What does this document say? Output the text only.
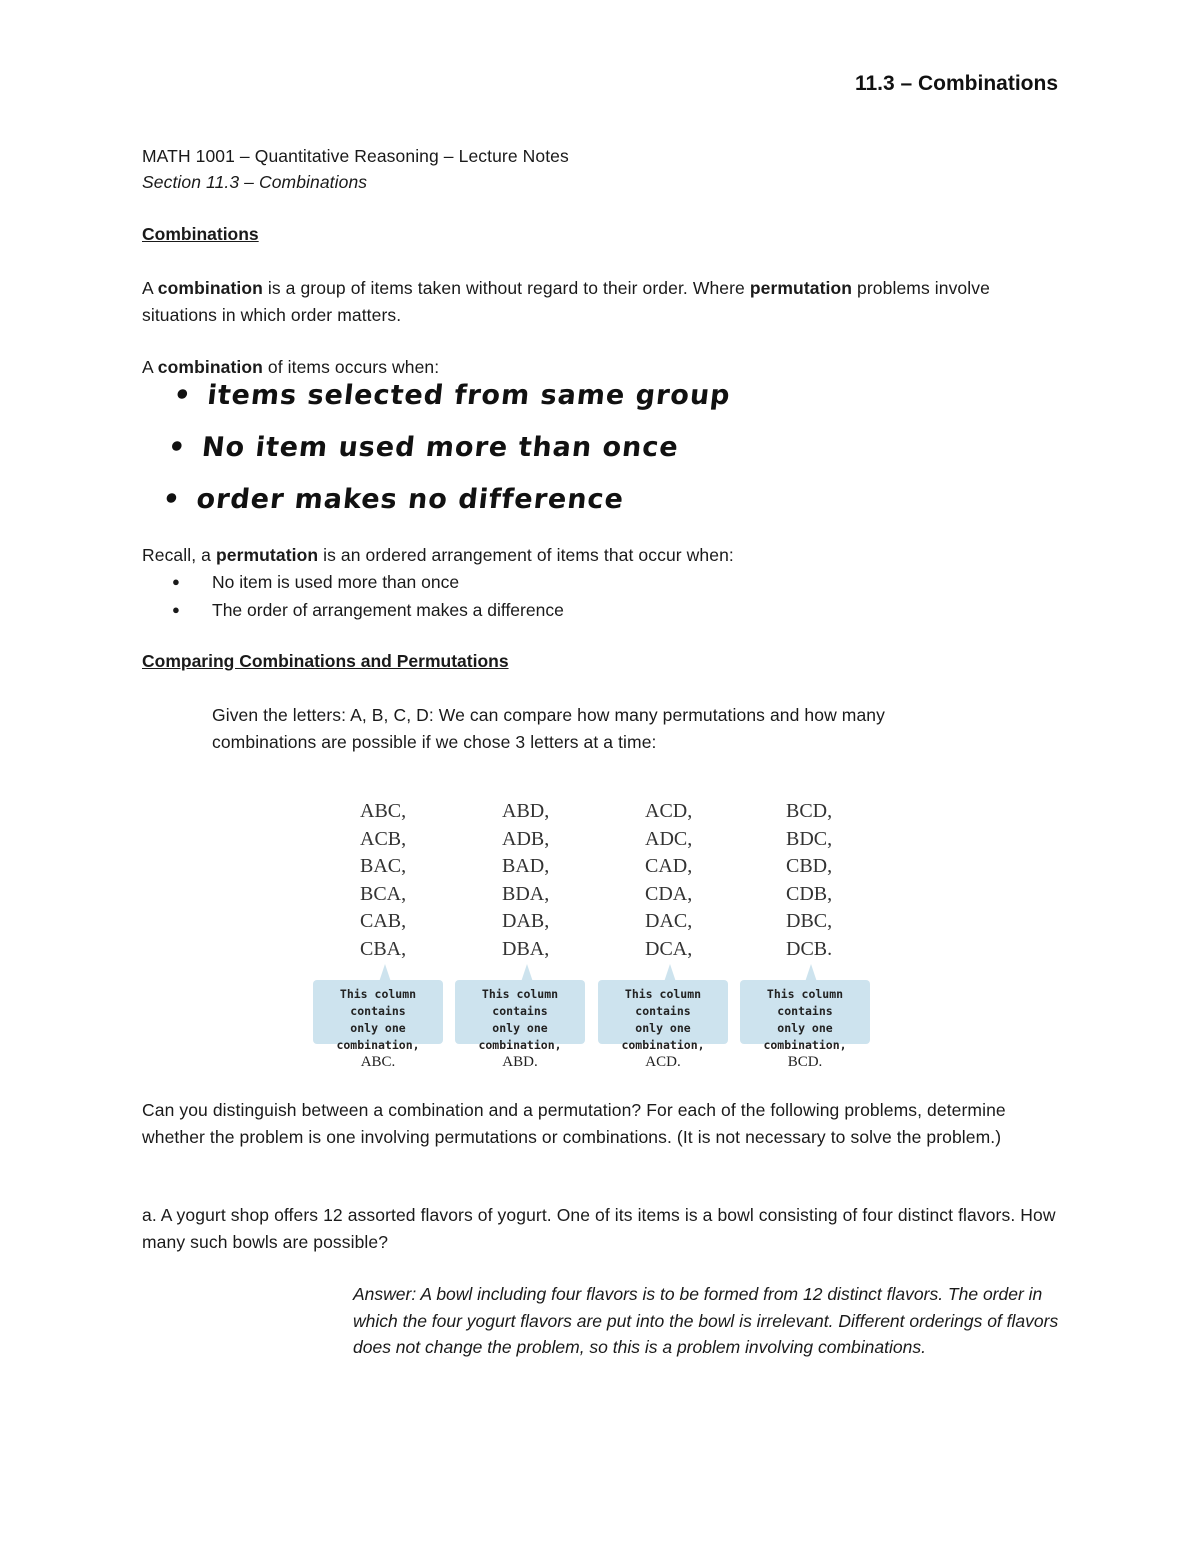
11.3 – Combinations
MATH 1001 – Quantitative Reasoning – Lecture Notes
Section 11.3 – Combinations
Combinations
A combination is a group of items taken without regard to their order. Where permutation problems involve situations in which order matters.
A combination of items occurs when:
• items selected from same group
• No item used more than once
• order makes no difference
Recall, a permutation is an ordered arrangement of items that occur when:
● No item is used more than once
● The order of arrangement makes a difference
Comparing Combinations and Permutations
Given the letters: A, B, C, D: We can compare how many permutations and how many combinations are possible if we chose 3 letters at a time:
ABC,
ACB,
BAC,
BCA,
CAB,
CBA,
ABD,
ADB,
BAD,
BDA,
DAB,
DBA,
ACD,
ADC,
CAD,
CDA,
DAC,
DCA,
BCD,
BDC,
CBD,
CDB,
DBC,
DCB.
This column contains
only one combination,
ABC.
This column contains
only one combination,
ABD.
This column contains
only one combination,
ACD.
This column contains
only one combination,
BCD.
Can you distinguish between a combination and a permutation? For each of the following problems, determine whether the problem is one involving permutations or combinations. (It is not necessary to solve the problem.)
a. A yogurt shop offers 12 assorted flavors of yogurt. One of its items is a bowl consisting of four distinct flavors. How many such bowls are possible?
Answer: A bowl including four flavors is to be formed from 12 distinct flavors. The order in which the four yogurt flavors are put into the bowl is irrelevant. Different orderings of flavors does not change the problem, so this is a problem involving combinations.
